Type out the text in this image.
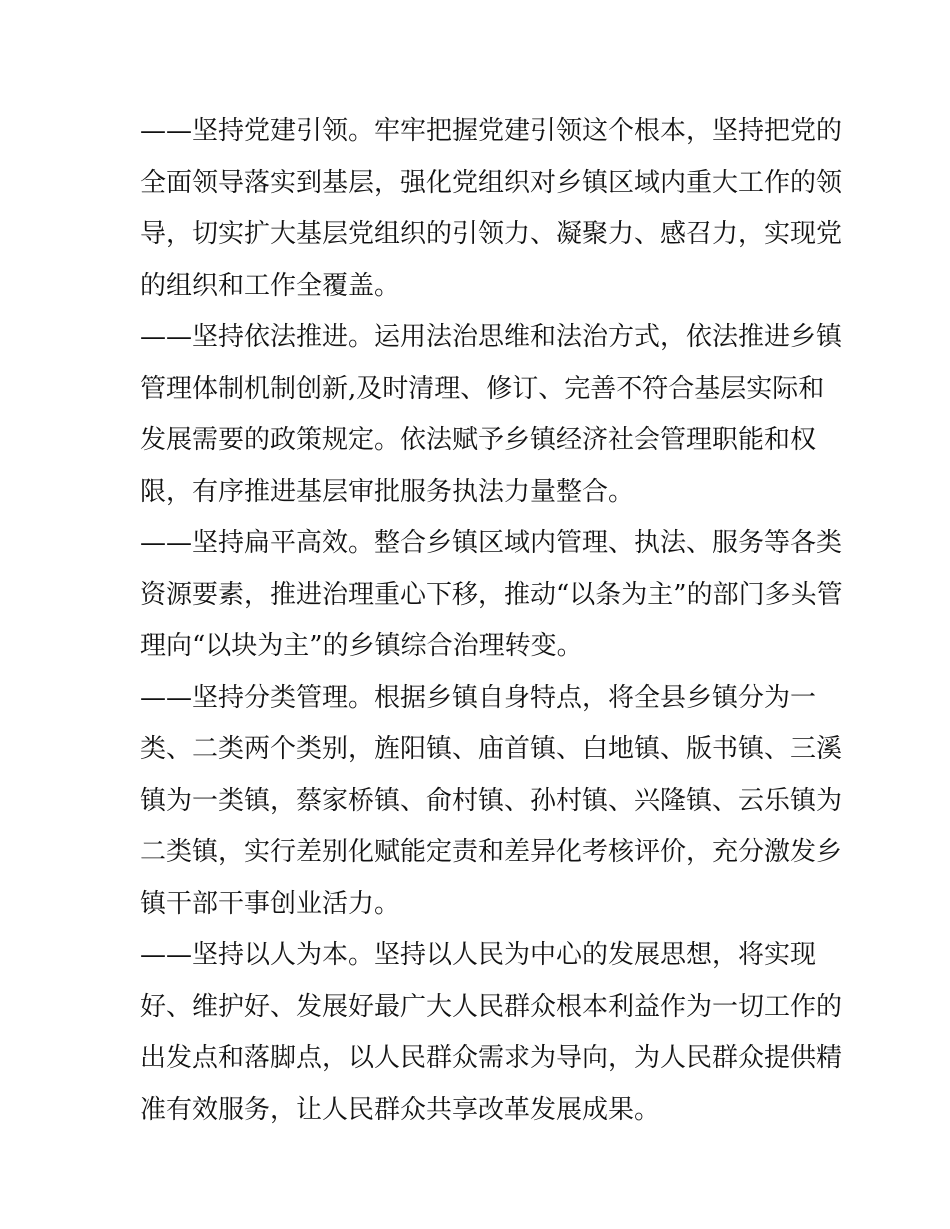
——坚持党建引领。牢牢把握党建引领这个根本，坚持把党的
全面领导落实到基层，强化党组织对乡镇区域内重大工作的领
导，切实扩大基层党组织的引领力、凝聚力、感召力，实现党
的组织和工作全覆盖。
——坚持依法推进。运用法治思维和法治方式，依法推进乡镇
管理体制机制创新,及时清理、修订、完善不符合基层实际和
发展需要的政策规定。依法赋予乡镇经济社会管理职能和权
限，有序推进基层审批服务执法力量整合。
——坚持扁平高效。整合乡镇区域内管理、执法、服务等各类
资源要素，推进治理重心下移，推动“以条为主”的部门多头管
理向“以块为主”的乡镇综合治理转变。
——坚持分类管理。根据乡镇自身特点，将全县乡镇分为一
类、二类两个类别，旌阳镇、庙首镇、白地镇、版书镇、三溪
镇为一类镇，蔡家桥镇、俞村镇、孙村镇、兴隆镇、云乐镇为
二类镇，实行差别化赋能定责和差异化考核评价，充分激发乡
镇干部干事创业活力。
——坚持以人为本。坚持以人民为中心的发展思想，将实现
好、维护好、发展好最广大人民群众根本利益作为一切工作的
出发点和落脚点，以人民群众需求为导向，为人民群众提供精
准有效服务，让人民群众共享改革发展成果。
